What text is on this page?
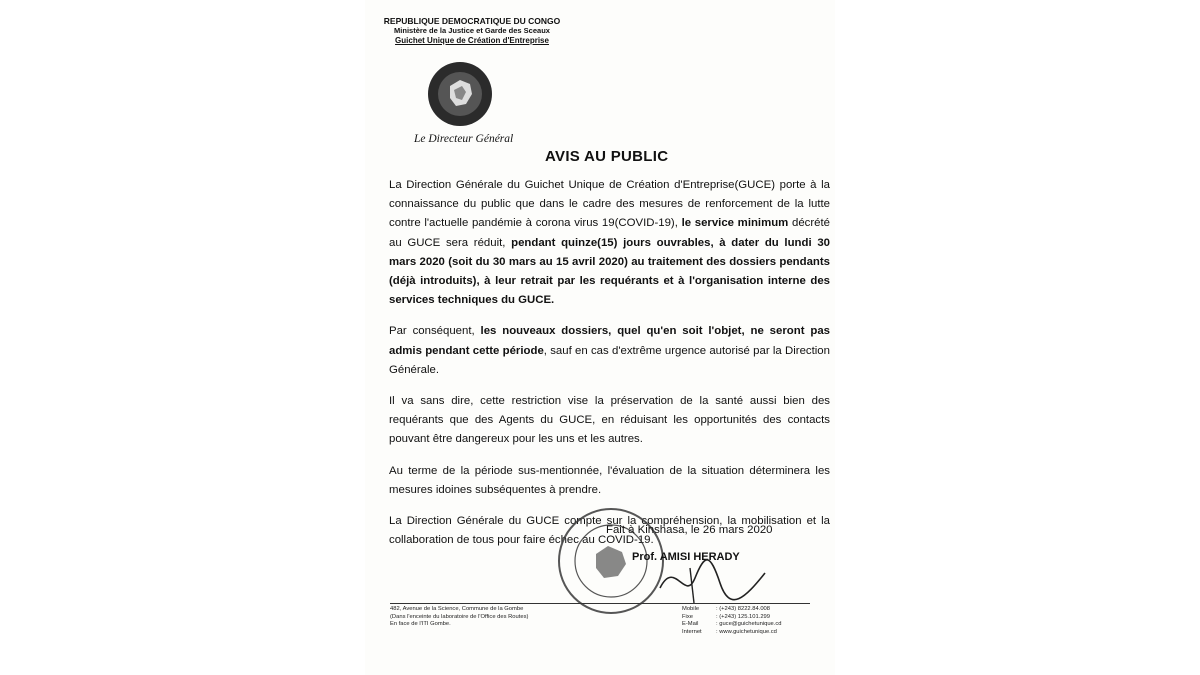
REPUBLIQUE DEMOCRATIQUE DU CONGO
Ministère de la Justice et Garde des Sceaux
Guichet Unique de Création d'Entreprise
Le Directeur Général
AVIS AU PUBLIC

La Direction Générale du Guichet Unique de Création d'Entreprise(GUCE) porte à la connaissance du public que dans le cadre des mesures de renforcement de la lutte contre l'actuelle pandémie à corona virus 19(COVID-19), le service minimum décrété au GUCE sera réduit, pendant quinze(15) jours ouvrables, à dater du lundi 30 mars 2020 (soit du 30 mars au 15 avril 2020) au traitement des dossiers pendants (déjà introduits), à leur retrait par les requérants et à l'organisation interne des services techniques du GUCE.

Par conséquent, les nouveaux dossiers, quel qu'en soit l'objet, ne seront pas admis pendant cette période, sauf en cas d'extrême urgence autorisé par la Direction Générale.

Il va sans dire, cette restriction vise la préservation de la santé aussi bien des requérants que des Agents du GUCE, en réduisant les opportunités des contacts pouvant être dangereux pour les uns et les autres.

Au terme de la période sus-mentionnée, l'évaluation de la situation déterminera les mesures idoines subséquentes à prendre.

La Direction Générale du GUCE compte sur la compréhension, la mobilisation et la collaboration de tous pour faire échec au COVID-19.

Fait à Kinshasa, le 26 mars 2020
Prof. AMISI HERADY
482, Avenue de la Science, Commune de la Gombe
(Dans l'enceinte du laboratoire de l'Office des Routes)
En face de l'ITI Gombe.
Mobile	: (+243) 8222.84.008
Fixe	: (+243) 125.101.299
E-Mail	: guce@guichetunique.cd
Internet	: www.guichetunique.cd
